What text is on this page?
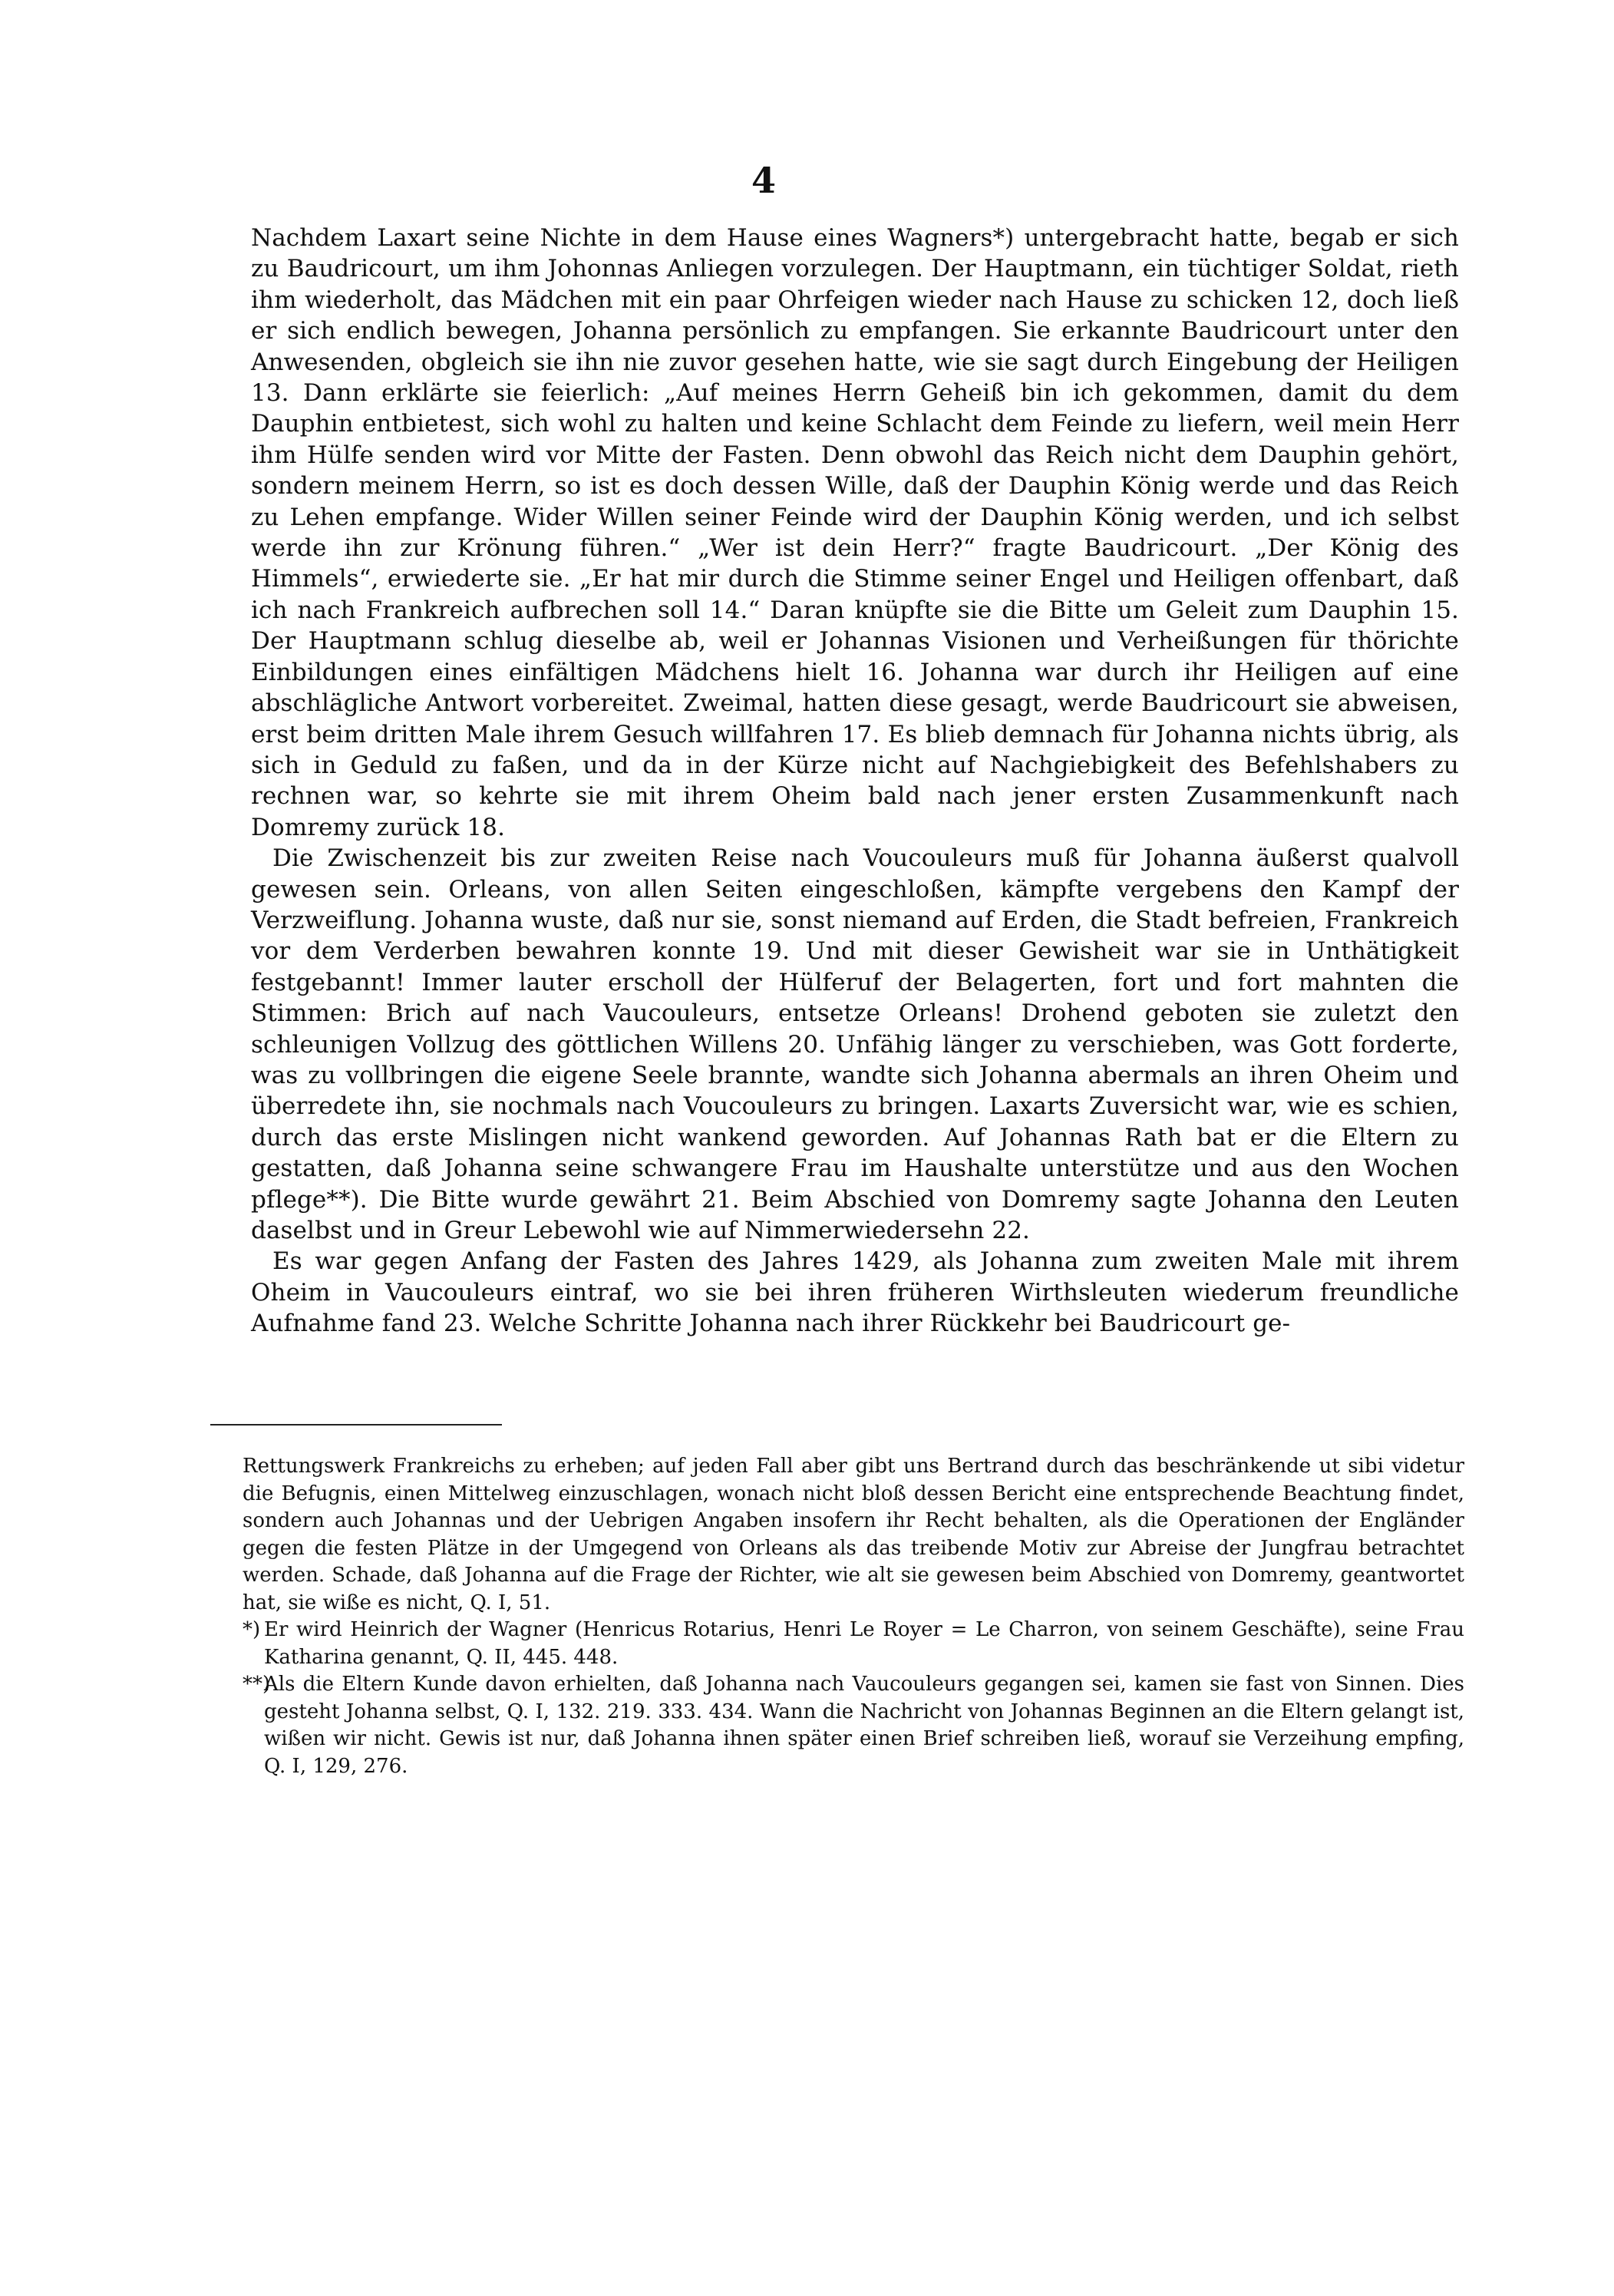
4

Nachdem Laxart seine Nichte in dem Hause eines Wagners*) untergebracht hatte, begab er sich zu Baudricourt, um ihm Johonnas Anliegen vorzulegen. Der Hauptmann, ein tüchtiger Soldat, rieth ihm wiederholt, das Mädchen mit ein paar Ohrfeigen wieder nach Hause zu schicken 12, doch ließ er sich endlich bewegen, Johanna persönlich zu empfangen. Sie erkannte Baudricourt unter den Anwesenden, obgleich sie ihn nie zuvor gesehen hatte, wie sie sagt durch Eingebung der Heiligen 13. Dann erklärte sie feierlich: „Auf meines Herrn Geheiß bin ich gekommen, damit du dem Dauphin entbietest, sich wohl zu halten und keine Schlacht dem Feinde zu liefern, weil mein Herr ihm Hülfe senden wird vor Mitte der Fasten. Denn obwohl das Reich nicht dem Dauphin gehört, sondern meinem Herrn, so ist es doch dessen Wille, daß der Dauphin König werde und das Reich zu Lehen empfange. Wider Willen seiner Feinde wird der Dauphin König werden, und ich selbst werde ihn zur Krönung führen.“ „Wer ist dein Herr?“ fragte Baudricourt. „Der König des Himmels“, erwiederte sie. „Er hat mir durch die Stimme seiner Engel und Heiligen offenbart, daß ich nach Frankreich aufbrechen soll 14.“ Daran knüpfte sie die Bitte um Geleit zum Dauphin 15. Der Hauptmann schlug dieselbe ab, weil er Johannas Visionen und Verheißungen für thörichte Einbildungen eines einfältigen Mädchens hielt 16. Johanna war durch ihr Heiligen auf eine abschlägliche Antwort vorbereitet. Zweimal, hatten diese gesagt, werde Baudricourt sie abweisen, erst beim dritten Male ihrem Gesuch willfahren 17. Es blieb demnach für Johanna nichts übrig, als sich in Geduld zu faßen, und da in der Kürze nicht auf Nachgiebigkeit des Befehlshabers zu rechnen war, so kehrte sie mit ihrem Oheim bald nach jener ersten Zusammenkunft nach Domremy zurück 18.

Die Zwischenzeit bis zur zweiten Reise nach Voucouleurs muß für Johanna äußerst qualvoll gewesen sein. Orleans, von allen Seiten eingeschloßen, kämpfte vergebens den Kampf der Verzweiflung. Johanna wuste, daß nur sie, sonst niemand auf Erden, die Stadt befreien, Frankreich vor dem Verderben bewahren konnte 19. Und mit dieser Gewisheit war sie in Unthätigkeit festgebannt! Immer lauter erscholl der Hülferuf der Belagerten, fort und fort mahnten die Stimmen: Brich auf nach Vaucouleurs, entsetze Orleans! Drohend geboten sie zuletzt den schleunigen Vollzug des göttlichen Willens 20. Unfähig länger zu verschieben, was Gott forderte, was zu vollbringen die eigene Seele brannte, wandte sich Johanna abermals an ihren Oheim und überredete ihn, sie nochmals nach Voucouleurs zu bringen. Laxarts Zuversicht war, wie es schien, durch das erste Mislingen nicht wankend geworden. Auf Johannas Rath bat er die Eltern zu gestatten, daß Johanna seine schwangere Frau im Haushalte unterstütze und aus den Wochen pflege**). Die Bitte wurde gewährt 21. Beim Abschied von Domremy sagte Johanna den Leuten daselbst und in Greur Lebewohl wie auf Nimmerwiedersehn 22.

Es war gegen Anfang der Fasten des Jahres 1429, als Johanna zum zweiten Male mit ihrem Oheim in Vaucouleurs eintraf, wo sie bei ihren früheren Wirthsleuten wiederum freundliche Aufnahme fand 23. Welche Schritte Johanna nach ihrer Rückkehr bei Baudricourt ge-

Rettungswerk Frankreichs zu erheben; auf jeden Fall aber gibt uns Bertrand durch das beschränkende ut sibi videtur die Befugnis, einen Mittelweg einzuschlagen, wonach nicht bloß dessen Bericht eine entsprechende Beachtung findet, sondern auch Johannas und der Uebrigen Angaben insofern ihr Recht behalten, als die Operationen der Engländer gegen die festen Plätze in der Umgegend von Orleans als das treibende Motiv zur Abreise der Jungfrau betrachtet werden. Schade, daß Johanna auf die Frage der Richter, wie alt sie gewesen beim Abschied von Domremy, geantwortet hat, sie wiße es nicht, Q. I, 51.

*) Er wird Heinrich der Wagner (Henricus Rotarius, Henri Le Royer = Le Charron, von seinem Geschäfte), seine Frau Katharina genannt, Q. II, 445. 448.

**)Als die Eltern Kunde davon erhielten, daß Johanna nach Vaucouleurs gegangen sei, kamen sie fast von Sinnen. Dies gesteht Johanna selbst, Q. I, 132. 219. 333. 434. Wann die Nachricht von Johannas Beginnen an die Eltern gelangt ist, wißen wir nicht. Gewis ist nur, daß Johanna ihnen später einen Brief schreiben ließ, worauf sie Verzeihung empfing, Q. I, 129, 276.
